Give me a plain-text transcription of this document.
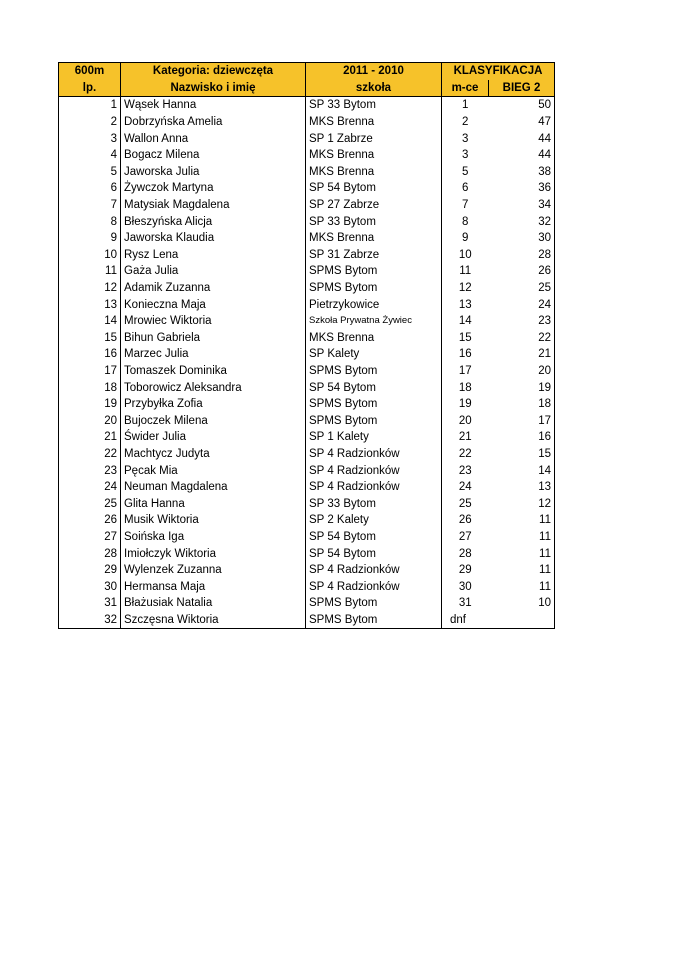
600m	Kategoria: dziewczęta	2011 - 2010	KLASYFIKACJA	
lp.	Nazwisko i imię	szkoła	m-ce	BIEG 2
1	Wąsek Hanna	SP 33 Bytom	1	50
2	Dobrzyńska Amelia	MKS Brenna	2	47
3	Wallon Anna	SP 1 Zabrze	3	44
4	Bogacz Milena	MKS Brenna	3	44
5	Jaworska Julia	MKS Brenna	5	38
6	Żywczok Martyna	SP 54 Bytom	6	36
7	Matysiak Magdalena	SP 27 Zabrze	7	34
8	Błeszyńska Alicja	SP 33 Bytom	8	32
9	Jaworska Klaudia	MKS Brenna	9	30
10	Rysz Lena	SP 31 Zabrze	10	28
11	Gaża Julia	SPMS Bytom	11	26
12	Adamik Zuzanna	SPMS Bytom	12	25
13	Konieczna Maja	Pietrzykowice	13	24
14	Mrowiec Wiktoria	Szkoła Prywatna Żywiec	14	23
15	Bihun Gabriela	MKS Brenna	15	22
16	Marzec Julia	SP Kalety	16	21
17	Tomaszek Dominika	SPMS Bytom	17	20
18	Toborowicz Aleksandra	SP 54 Bytom	18	19
19	Przybyłka Zofia	SPMS Bytom	19	18
20	Bujoczek Milena	SPMS Bytom	20	17
21	Świder Julia	SP 1 Kalety	21	16
22	Machtycz Judyta	SP 4 Radzionków	22	15
23	Pęcak Mia	SP 4 Radzionków	23	14
24	Neuman Magdalena	SP 4 Radzionków	24	13
25	Glita Hanna	SP 33 Bytom	25	12
26	Musik Wiktoria	SP 2 Kalety	26	11
27	Soińska Iga	SP 54 Bytom	27	11
28	Imiołczyk Wiktoria	SP 54 Bytom	28	11
29	Wylenzek Zuzanna	SP 4 Radzionków	29	11
30	Hermansa Maja	SP 4 Radzionków	30	11
31	Błażusiak Natalia	SPMS Bytom	31	10
32	Szczęsna Wiktoria	SPMS Bytom	dnf	
